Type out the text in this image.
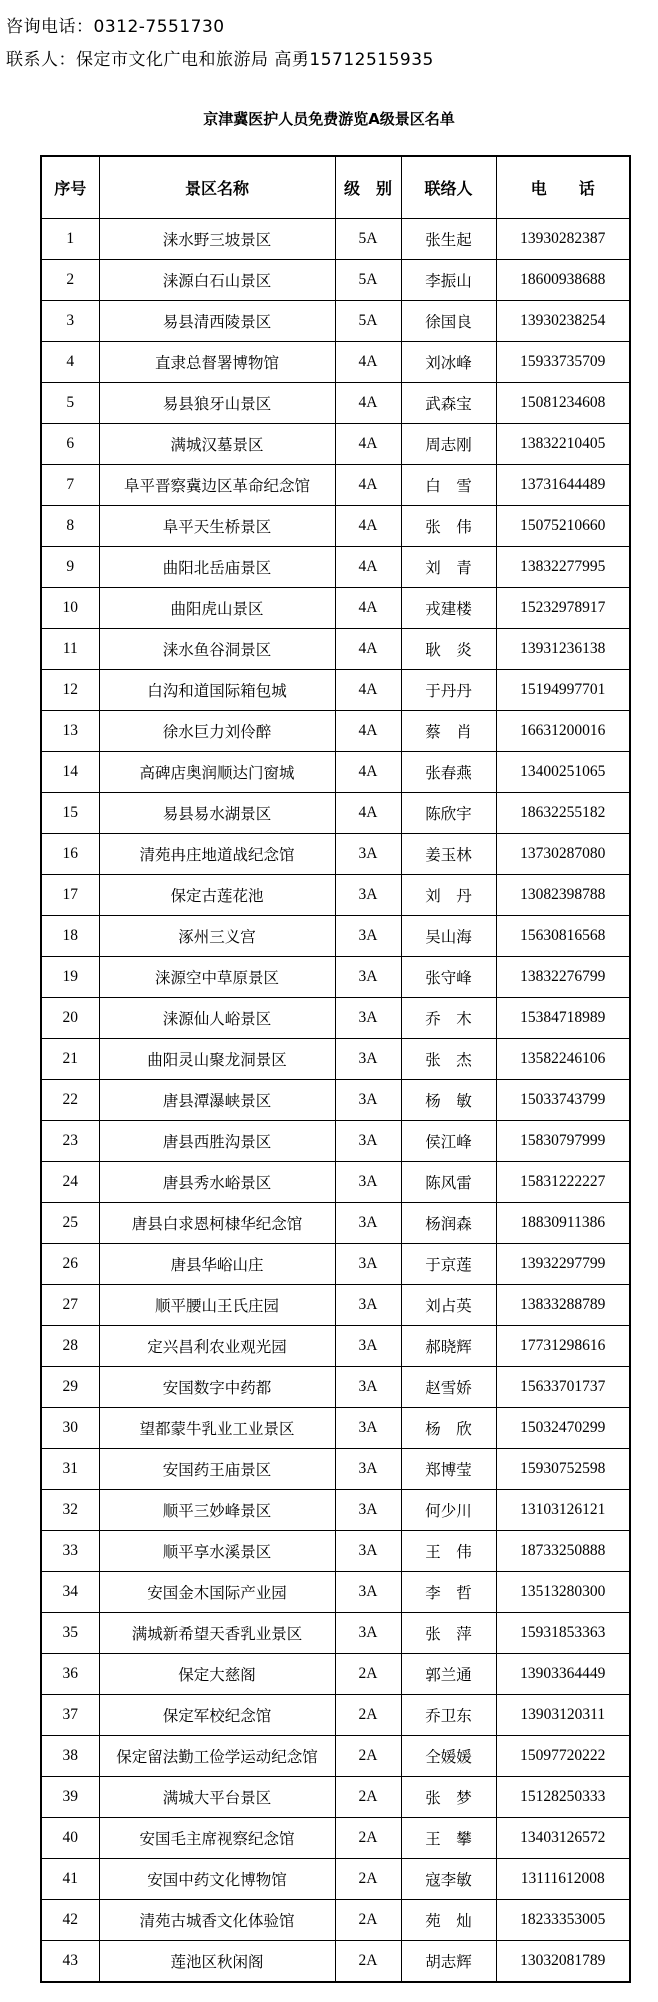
咨询电话：0312-7551730
联系人：保定市文化广电和旅游局 高勇15712515935
京津冀医护人员免费游览A级景区名单
序号	景区名称	级　别	联络人	电　　话
1	涞水野三坡景区	5A	张生起	13930282387
2	涞源白石山景区	5A	李振山	18600938688
3	易县清西陵景区	5A	徐国良	13930238254
4	直隶总督署博物馆	4A	刘冰峰	15933735709
5	易县狼牙山景区	4A	武森宝	15081234608
6	满城汉墓景区	4A	周志刚	13832210405
7	阜平晋察冀边区革命纪念馆	4A	白　雪	13731644489
8	阜平天生桥景区	4A	张　伟	15075210660
9	曲阳北岳庙景区	4A	刘　青	13832277995
10	曲阳虎山景区	4A	戎建楼	15232978917
11	涞水鱼谷洞景区	4A	耿　炎	13931236138
12	白沟和道国际箱包城	4A	于丹丹	15194997701
13	徐水巨力刘伶醉	4A	蔡　肖	16631200016
14	高碑店奥润顺达门窗城	4A	张春燕	13400251065
15	易县易水湖景区	4A	陈欣宇	18632255182
16	清苑冉庄地道战纪念馆	3A	姜玉林	13730287080
17	保定古莲花池	3A	刘　丹	13082398788
18	涿州三义宫	3A	吴山海	15630816568
19	涞源空中草原景区	3A	张守峰	13832276799
20	涞源仙人峪景区	3A	乔　木	15384718989
21	曲阳灵山聚龙洞景区	3A	张　杰	13582246106
22	唐县潭瀑峡景区	3A	杨　敏	15033743799
23	唐县西胜沟景区	3A	侯江峰	15830797999
24	唐县秀水峪景区	3A	陈风雷	15831222227
25	唐县白求恩柯棣华纪念馆	3A	杨润森	18830911386
26	唐县华峪山庄	3A	于京莲	13932297799
27	顺平腰山王氏庄园	3A	刘占英	13833288789
28	定兴昌利农业观光园	3A	郝晓辉	17731298616
29	安国数字中药都	3A	赵雪娇	15633701737
30	望都蒙牛乳业工业景区	3A	杨　欣	15032470299
31	安国药王庙景区	3A	郑博莹	15930752598
32	顺平三妙峰景区	3A	何少川	13103126121
33	顺平享水溪景区	3A	王　伟	18733250888
34	安国金木国际产业园	3A	李　哲	13513280300
35	满城新希望天香乳业景区	3A	张　萍	15931853363
36	保定大慈阁	2A	郭兰通	13903364449
37	保定军校纪念馆	2A	乔卫东	13903120311
38	保定留法勤工俭学运动纪念馆	2A	仝媛媛	15097720222
39	满城大平台景区	2A	张　梦	15128250333
40	安国毛主席视察纪念馆	2A	王　攀	13403126572
41	安国中药文化博物馆	2A	寇李敏	13111612008
42	清苑古城香文化体验馆	2A	苑　灿	18233353005
43	莲池区秋闲阁	2A	胡志辉	13032081789
